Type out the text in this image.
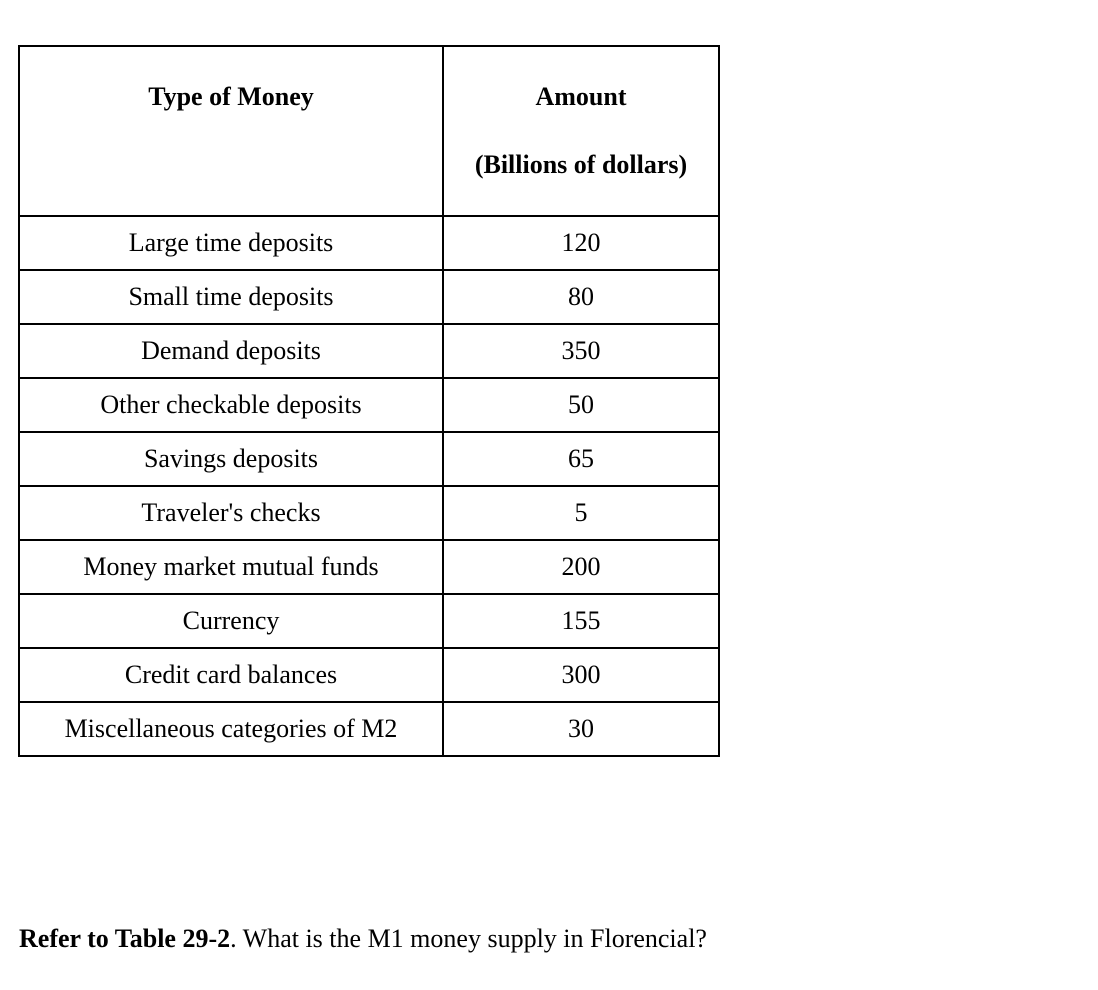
Type of Money	Amount
(Billions of dollars)

Large time deposits	120
Small time deposits	80
Demand deposits	350
Other checkable deposits	50
Savings deposits	65
Traveler's checks	5
Money market mutual funds	200
Currency	155
Credit card balances	300
Miscellaneous categories of M2	30
Refer to Table 29-2. What is the M1 money supply in Florencial?
